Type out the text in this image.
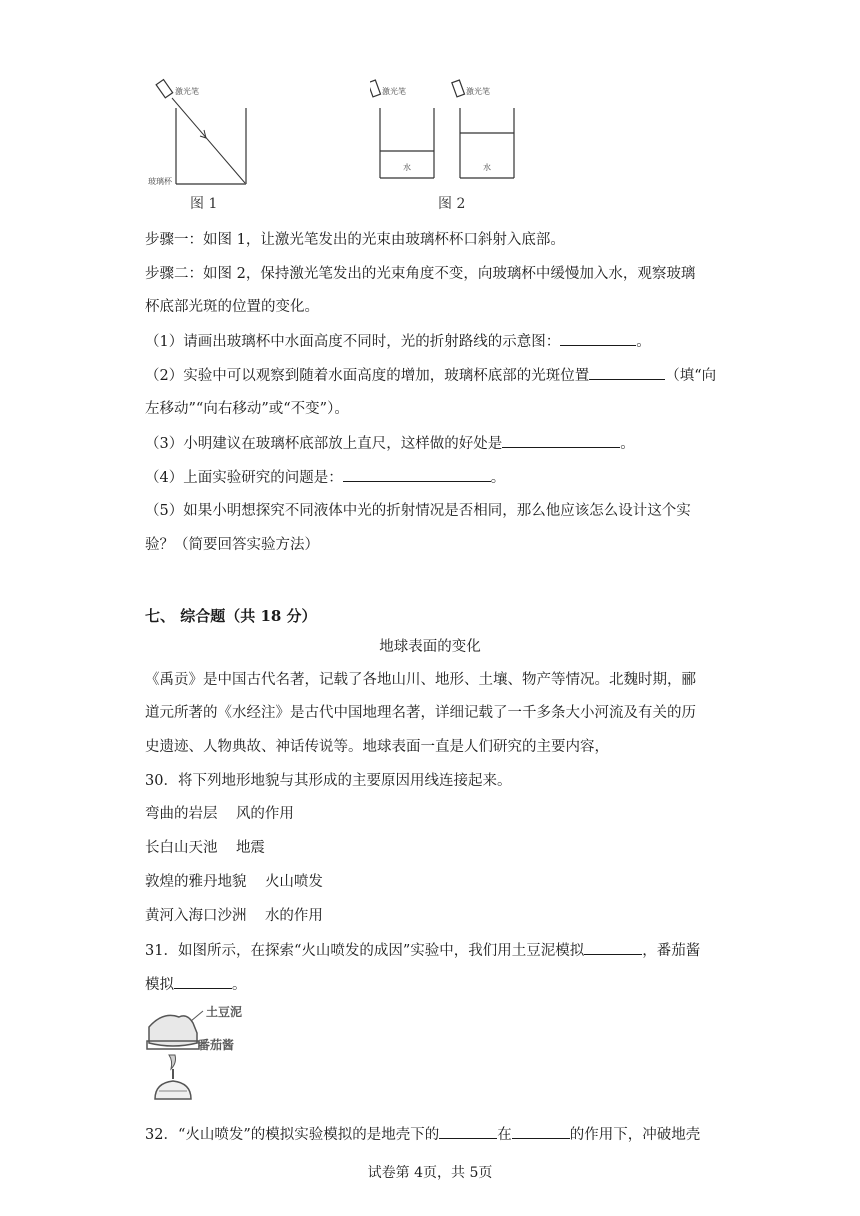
激光笔
玻璃杯
图 1
激光笔	激光笔
水	水
图 2
步骤一：如图 1，让激光笔发出的光束由玻璃杯杯口斜射入底部。
步骤二：如图 2，保持激光笔发出的光束角度不变，向玻璃杯中缓慢加入水，观察玻璃
杯底部光斑的位置的变化。
（1）请画出玻璃杯中水面高度不同时，光的折射路线的示意图：	。
（2）实验中可以观察到随着水面高度的增加，玻璃杯底部的光斑位置	（填“向
左移动”“向右移动”或“不变”）。
（3）小明建议在玻璃杯底部放上直尺，这样做的好处是	。
（4）上面实验研究的问题是：	。
（5）如果小明想探究不同液体中光的折射情况是否相同，那么他应该怎么设计这个实
验？（简要回答实验方法）
七、 综合题（共 18 分）
地球表面的变化
《禹贡》是中国古代名著，记载了各地山川、地形、土壤、物产等情况。北魏时期，郦
道元所著的《水经注》是古代中国地理名著，详细记载了一千多条大小河流及有关的历
史遗迹、人物典故、神话传说等。地球表面一直是人们研究的主要内容，
30．将下列地形地貌与其形成的主要原因用线连接起来。
弯曲的岩层 风的作用
长白山天池 地震
敦煌的雅丹地貌 火山喷发
黄河入海口沙洲 水的作用
31．如图所示，在探索“火山喷发的成因”实验中，我们用土豆泥模拟	，番茄酱
模拟	。
土豆泥
番茄酱
32．“火山喷发”的模拟实验模拟的是地壳下的	在	的作用下，冲破地壳
试卷第 4页，共 5页
